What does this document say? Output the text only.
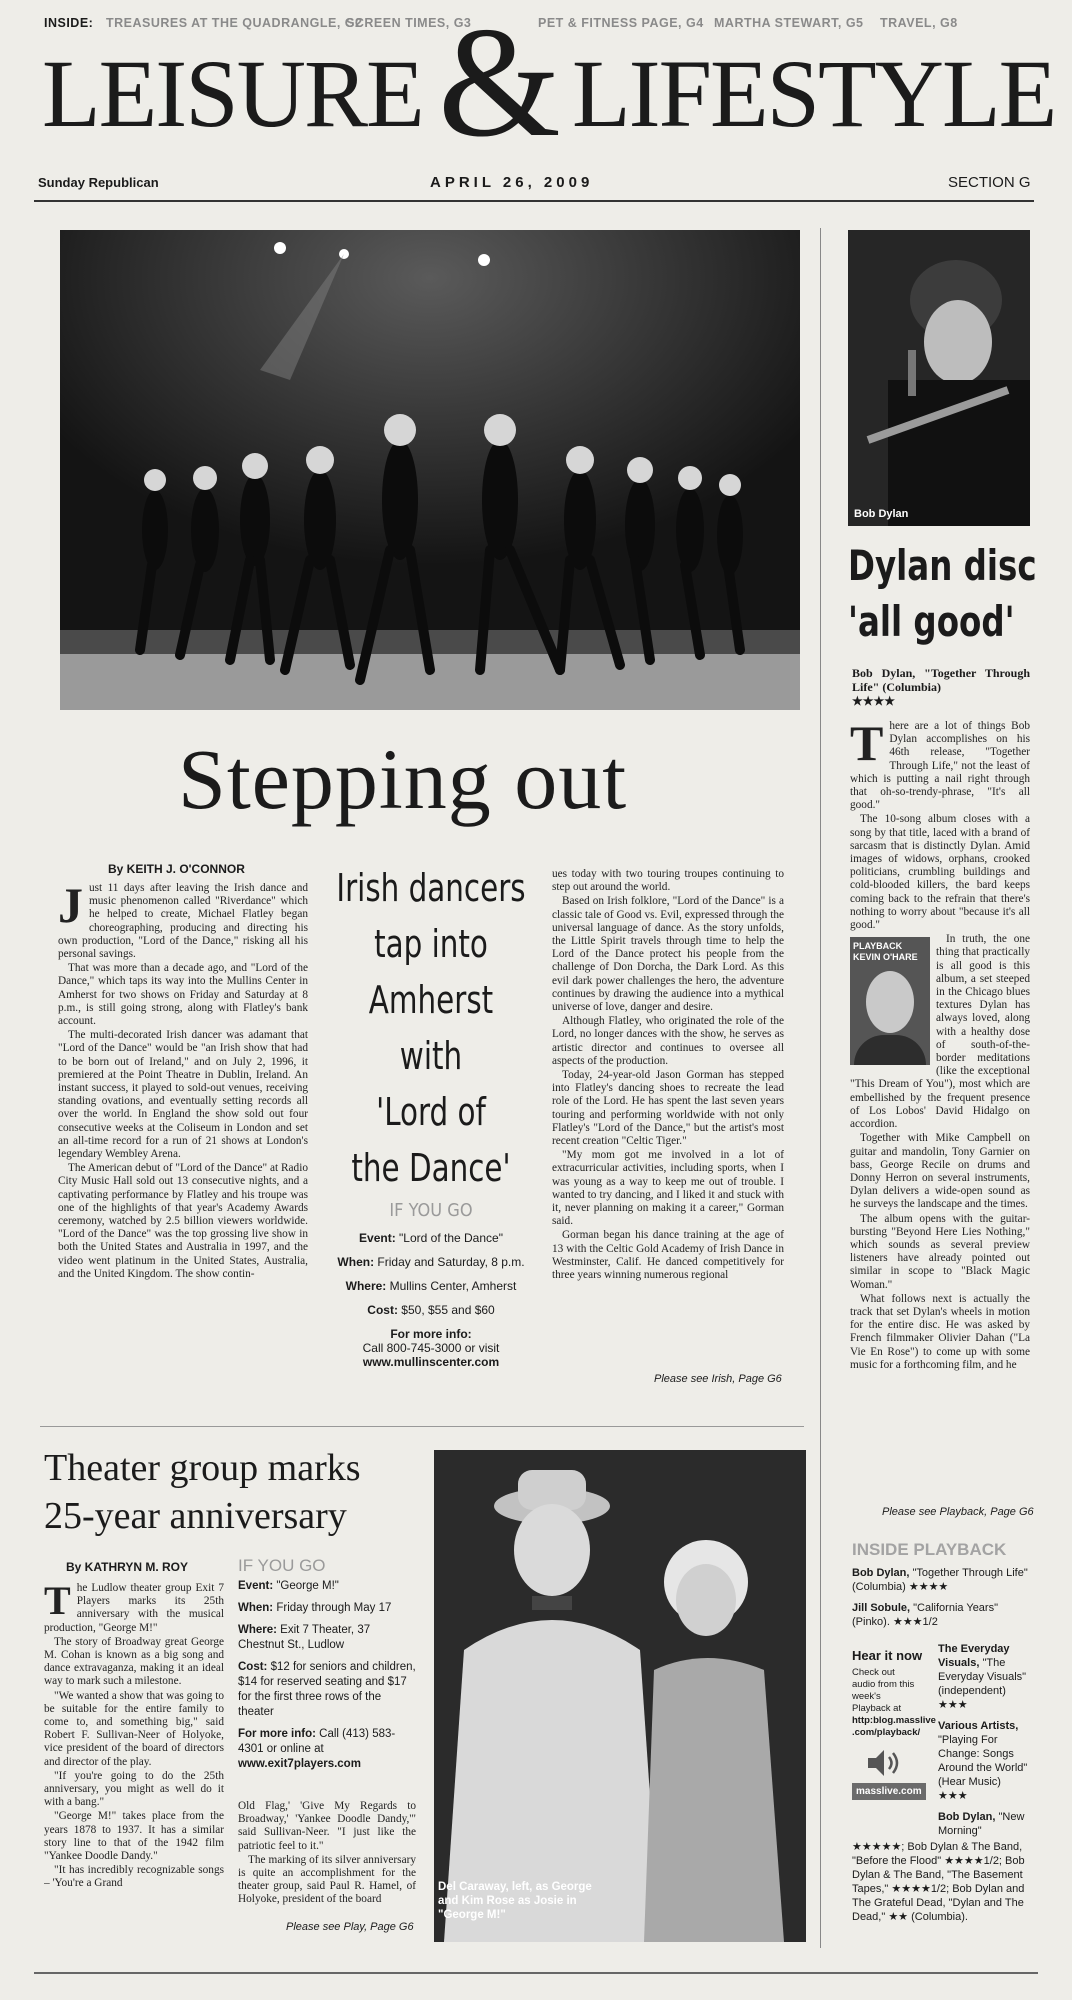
INSIDE: TREASURES AT THE QUADRANGLE, G2
SCREEN TIMES, G3	PET & FITNESS PAGE, G4 MARTHA STEWART, G5 TRAVEL, G8
LEISURE & LIFESTYLE
Sunday Republican	APRIL 26, 2009	SECTION G
Stepping out
By KEITH J. O'CONNOR

Just 11 days after leaving the Irish dance and music phenomenon called "Riverdance" which he helped to create, Michael Flatley began choreographing, producing and directing his own production, "Lord of the Dance," risking all his personal savings.

That was more than a decade ago, and "Lord of the Dance," which taps its way into the Mullins Center in Amherst for two shows on Friday and Saturday at 8 p.m., is still going strong, along with Flatley's bank account.

The multi-decorated Irish dancer was adamant that "Lord of the Dance" would be "an Irish show that had to be born out of Ireland," and on July 2, 1996, it premiered at the Point Theatre in Dublin, Ireland. An instant success, it played to sold-out venues, receiving standing ovations, and eventually setting records all over the world. In England the show sold out four consecutive weeks at the Coliseum in London and set an all-time record for a run of 21 shows at London's legendary Wembley Arena.

The American debut of "Lord of the Dance" at Radio City Music Hall sold out 13 consecutive nights, and a captivating performance by Flatley and his troupe was one of the highlights of that year's Academy Awards ceremony, watched by 2.5 billion viewers worldwide. "Lord of the Dance" was the top grossing live show in both the United States and Australia in 1997, and the video went platinum in the United States, Australia, and the United Kingdom. The show contin-

Irish dancers
tap into
Amherst with
'Lord of
the Dance'
IF YOU GO
Event: "Lord of the Dance"
When: Friday and Saturday, 8 p.m.
Where: Mullins Center, Amherst
Cost: $50, $55 and $60
For more info:
Call 800-745-3000 or visit
www.mullinscenter.com

ues today with two touring troupes continuing to step out around the world.

Based on Irish folklore, "Lord of the Dance" is a classic tale of Good vs. Evil, expressed through the universal language of dance. As the story unfolds, the Little Spirit travels through time to help the Lord of the Dance protect his people from the challenge of Don Dorcha, the Dark Lord. As this evil dark power challenges the hero, the adventure continues by drawing the audience into a mythical universe of love, danger and desire.

Although Flatley, who originated the role of the Lord, no longer dances with the show, he serves as artistic director and continues to oversee all aspects of the production.

Today, 24-year-old Jason Gorman has stepped into Flatley's dancing shoes to recreate the lead role of the Lord. He has spent the last seven years touring and performing worldwide with not only Flatley's "Lord of the Dance," but the artist's most recent creation "Celtic Tiger."

"My mom got me involved in a lot of extracurricular activities, including sports, when I was young as a way to keep me out of trouble. I wanted to try dancing, and I liked it and stuck with it, never planning on making it a career," Gorman said.

Gorman began his dance training at the age of 13 with the Celtic Gold Academy of Irish Dance in Westminster, Calif. He danced competitively for three years winning numerous regional

Please see Irish, Page G6
Bob Dylan
Dylan disc
'all good'
Bob Dylan, "Together Through Life" (Columbia)
★★★★

There are a lot of things Bob Dylan accomplishes on his 46th release, "Together Through Life," not the least of which is putting a nail right through that oh-so-trendy-phrase, "It's all good."

The 10-song album closes with a song by that title, laced with a brand of sarcasm that is distinctly Dylan. Amid images of widows, orphans, crooked politicians, crumbling buildings and cold-blooded killers, the bard keeps coming back to the refrain that there's nothing to worry about "because it's all good."

PLAYBACK
KEVIN O'HARE

In truth, the one thing that practically is all good is this album, a set steeped in the Chicago blues textures Dylan has always loved, along with a healthy dose of south-of-the-border meditations (like the exceptional "This Dream of You"), most which are embellished by the frequent presence of Los Lobos' David Hidalgo on accordion.

Together with Mike Campbell on guitar and mandolin, Tony Garnier on bass, George Recile on drums and Donny Herron on several instruments, Dylan delivers a wide-open sound as he surveys the landscape and the times.

The album opens with the guitar-bursting "Beyond Here Lies Nothing," which sounds as several preview listeners have already pointed out similar in scope to "Black Magic Woman."

What follows next is actually the track that set Dylan's wheels in motion for the entire disc. He was asked by French filmmaker Olivier Dahan ("La Vie En Rose") to come up with some music for a forthcoming film, and he

Please see Playback, Page G6
INSIDE PLAYBACK
Bob Dylan, "Together Through Life" (Columbia) ★★★★
Jill Sobule, "California Years" (Pinko). ★★★1/2
Hear it now
Check out
audio from this
week's
Playback at
http:blog.masslive
.com/playback/
masslive.com
The Everyday Visuals, "The Everyday Visuals" (independent) ★★★
Various Artists, "Playing For Change: Songs Around the World" (Hear Music) ★★★
Bob Dylan, "New Morning"
★★★★★; Bob Dylan & The Band, "Before the Flood" ★★★★1/2; Bob Dylan & The Band, "The Basement Tapes," ★★★★1/2; Bob Dylan and The Grateful Dead, "Dylan and The Dead," ★★ (Columbia).
Theater group marks
25-year anniversary
By KATHRYN M. ROY

The Ludlow theater group Exit 7 Players marks its 25th anniversary with the musical production, "George M!"

The story of Broadway great George M. Cohan is known as a big song and dance extravaganza, making it an ideal way to mark such a milestone.

"We wanted a show that was going to be suitable for the entire family to come to, and something big," said Robert F. Sullivan-Neer of Holyoke, vice president of the board of directors and director of the play.

"If you're going to do the 25th anniversary, you might as well do it with a bang."

"George M!" takes place from the years 1878 to 1937. It has a similar story line to that of the 1942 film "Yankee Doodle Dandy."

"It has incredibly recognizable songs – 'You're a Grand

IF YOU GO
Event: "George M!"
When: Friday through May 17
Where: Exit 7 Theater, 37 Chestnut St., Ludlow
Cost: $12 for seniors and children, $14 for reserved seating and $17 for the first three rows of the theater
For more info: Call (413) 583-4301 or online at
www.exit7players.com

Old Flag,' 'Give My Regards to Broadway,' 'Yankee Doodle Dandy,'" said Sullivan-Neer. "I just like the patriotic feel to it."

The marking of its silver anniversary is quite an accomplishment for the theater group, said Paul R. Hamel, of Holyoke, president of the board

Please see Play, Page G6
Del Caraway, left, as George and Kim Rose as Josie in "George M!"
